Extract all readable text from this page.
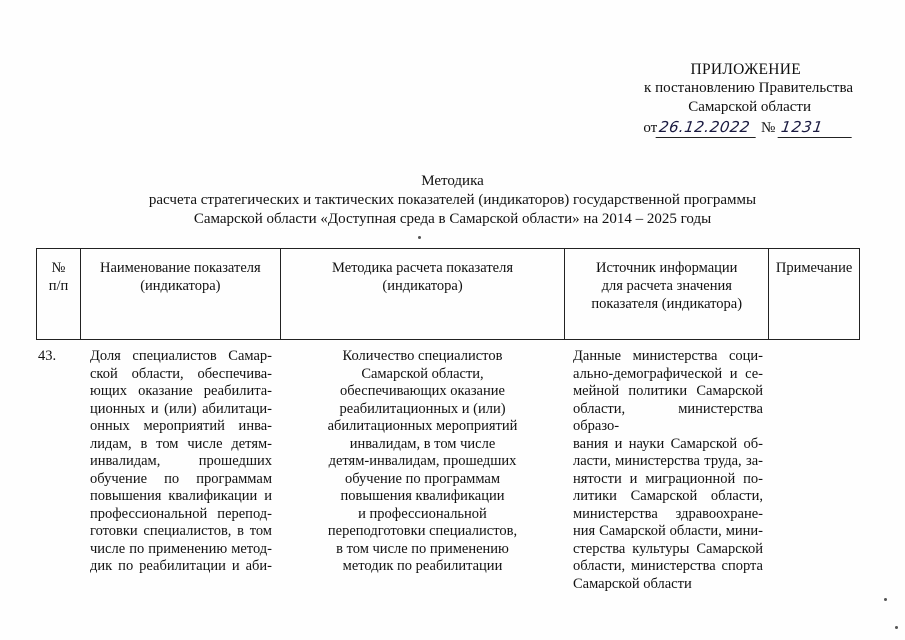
ПРИЛОЖЕНИЕ
к постановлению Правительства
Самарской области
от26.12.2022 № 1231
Методика
расчета стратегических и тактических показателей (индикаторов) государственной программы
Самарской области «Доступная среда в Самарской области» на 2014 – 2025 годы
№
п/п
Наименование показателя
(индикатора)
Методика расчета показателя
(индикатора)
Источник информации
для расчета значения
показателя (индикатора)
Примечание
43.	Доля специалистов Самар-
ской области, обеспечива-
ющих оказание реабилита-
ционных и (или) абилитаци-
онных мероприятий инва-
лидам, в том числе детям-
инвалидам, прошедших
обучение по программам
повышения квалификации и
профессиональной перепод-
готовки специалистов, в том
числе по применению метод-
дик по реабилитации и аби-
Количество специалистов
Самарской области,
обеспечивающих оказание
реабилитационных и (или)
абилитационных мероприятий
инвалидам, в том числе
детям-инвалидам, прошедших
обучение по программам
повышения квалификации
и профессиональной
переподготовки специалистов,
в том числе по применению
методик по реабилитации
Данные министерства соци-
ально-демографической и се-
мейной политики Самарской
области, министерства образо-
вания и науки Самарской об-
ласти, министерства труда, за-
нятости и миграционной по-
литики Самарской области,
министерства здравоохране-
ния Самарской области, мини-
стерства культуры Самарской
области, министерства спорта
Самарской области
